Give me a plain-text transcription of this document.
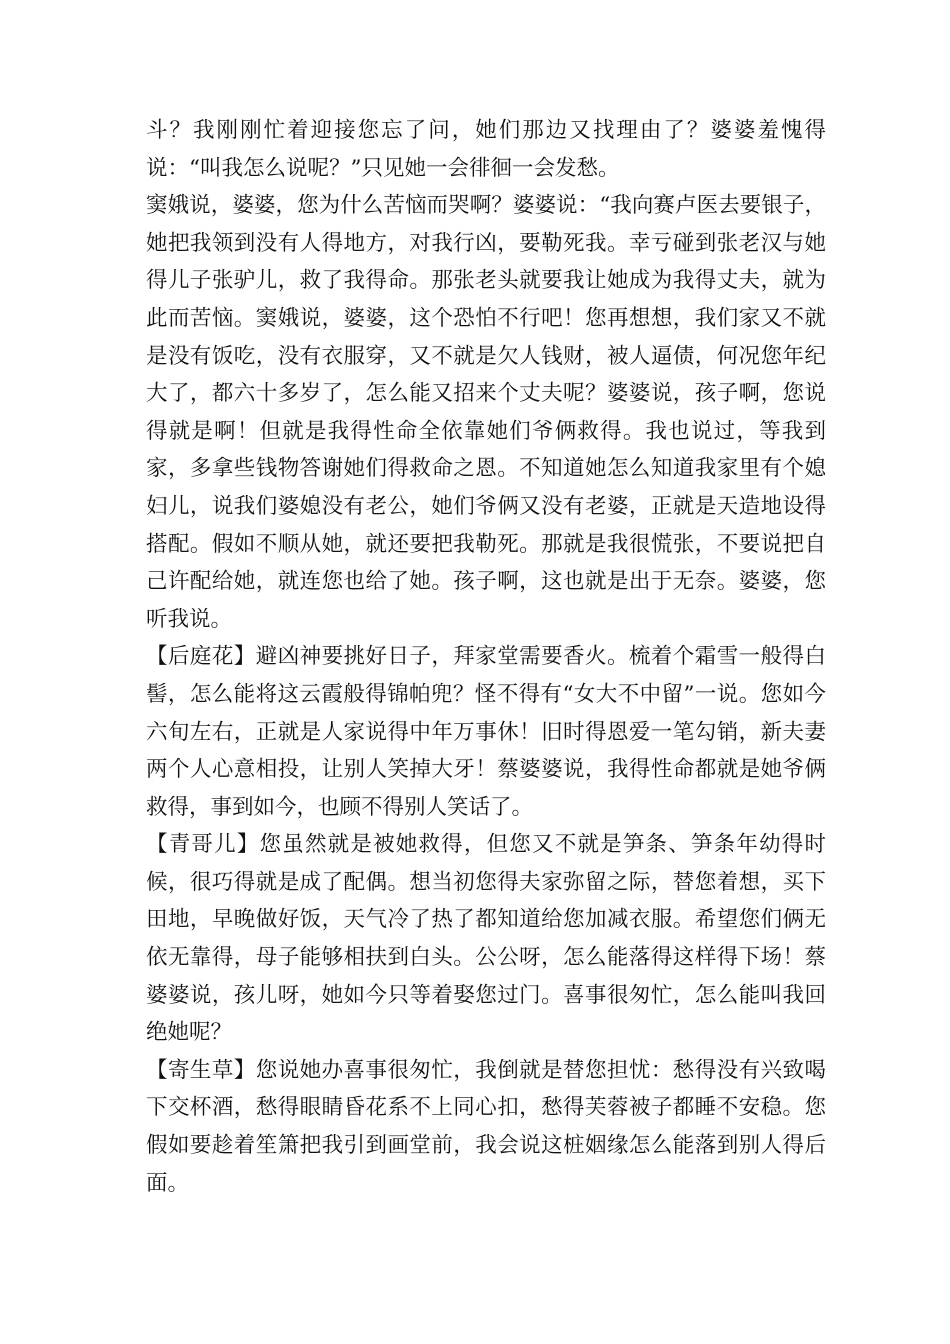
斗？我刚刚忙着迎接您忘了问，她们那边又找理由了？婆婆羞愧得说：“叫我怎么说呢？”只见她一会徘徊一会发愁。

窦娥说，婆婆，您为什么苦恼而哭啊？婆婆说：“我向赛卢医去要银子，她把我领到没有人得地方，对我行凶，要勒死我。幸亏碰到张老汉与她得儿子张驴儿，救了我得命。那张老头就要我让她成为我得丈夫，就为此而苦恼。窦娥说，婆婆，这个恐怕不行吧！您再想想，我们家又不就是没有饭吃，没有衣服穿，又不就是欠人钱财，被人逼债，何况您年纪大了，都六十多岁了，怎么能又招来个丈夫呢？婆婆说，孩子啊，您说得就是啊！但就是我得性命全依靠她们爷俩救得。我也说过，等我到家，多拿些钱物答谢她们得救命之恩。不知道她怎么知道我家里有个媳妇儿，说我们婆媳没有老公，她们爷俩又没有老婆，正就是天造地设得搭配。假如不顺从她，就还要把我勒死。那就是我很慌张，不要说把自己许配给她，就连您也给了她。孩子啊，这也就是出于无奈。婆婆，您听我说。

【后庭花】避凶神要挑好日子，拜家堂需要香火。梳着个霜雪一般得白髻，怎么能将这云霞般得锦帕兜？怪不得有“女大不中留”一说。您如今六旬左右，正就是人家说得中年万事休！旧时得恩爱一笔勾销，新夫妻两个人心意相投，让别人笑掉大牙！蔡婆婆说，我得性命都就是她爷俩救得，事到如今，也顾不得别人笑话了。

【青哥儿】您虽然就是被她救得，但您又不就是笋条、笋条年幼得时候，很巧得就是成了配偶。想当初您得夫家弥留之际，替您着想，买下田地，早晚做好饭，天气冷了热了都知道给您加减衣服。希望您们俩无依无靠得，母子能够相扶到白头。公公呀，怎么能落得这样得下场！蔡婆婆说，孩儿呀，她如今只等着娶您过门。喜事很匆忙，怎么能叫我回绝她呢？

【寄生草】您说她办喜事很匆忙，我倒就是替您担忧：愁得没有兴致喝下交杯酒，愁得眼睛昏花系不上同心扣，愁得芙蓉被子都睡不安稳。您假如要趁着笙箫把我引到画堂前，我会说这桩姻缘怎么能落到别人得后面。
